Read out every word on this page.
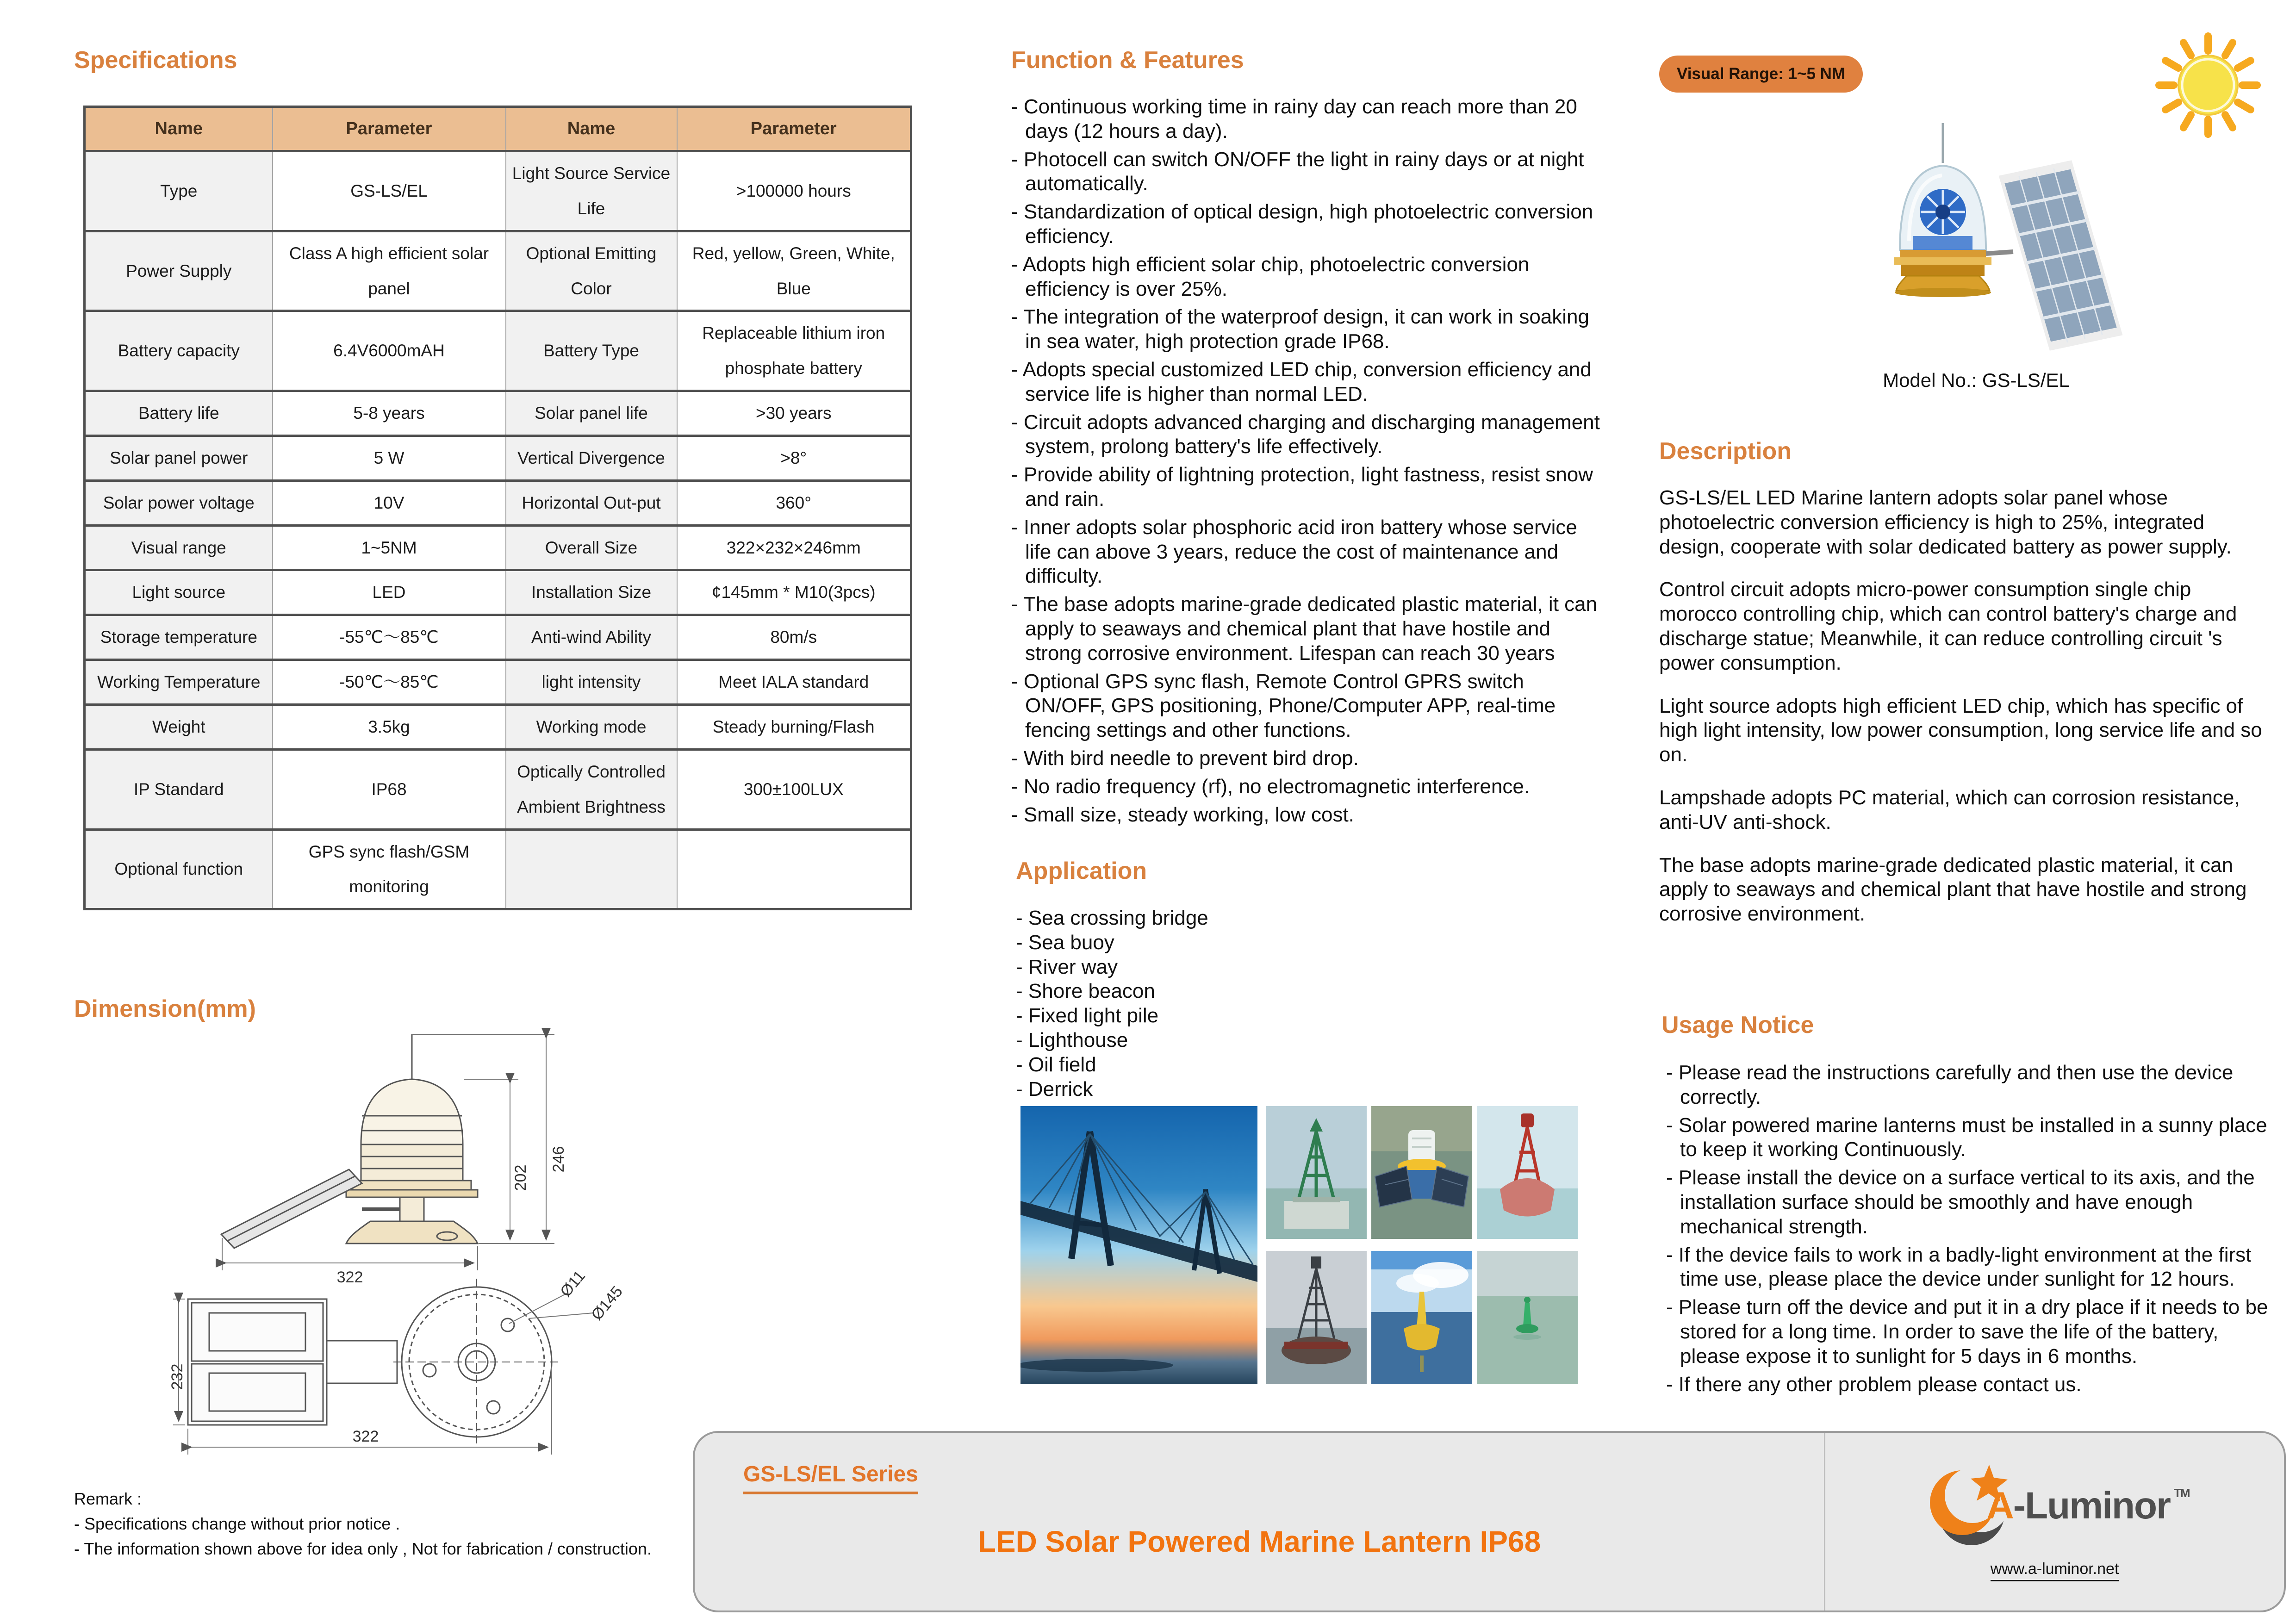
Specifications
Name	Parameter	Name	Parameter
Type	GS-LS/EL	Light Source Service Life	>100000 hours
Power Supply	Class A high efficient solar panel	Optional Emitting Color	Red, yellow, Green, White, Blue
Battery capacity	6.4V6000mAH	Battery Type	Replaceable lithium iron phosphate battery
Battery life	5-8 years	Solar panel life	>30 years
Solar panel power	5 W	Vertical Divergence	>8°
Solar power voltage	10V	Horizontal Out-put	360°
Visual range	1~5NM	Overall Size	322×232×246mm
Light source	LED	Installation Size	¢145mm * M10(3pcs)
Storage temperature	-55℃～85℃	Anti-wind Ability	80m/s
Working Temperature	-50℃～85℃	light intensity	Meet IALA standard
Weight	3.5kg	Working mode	Steady burning/Flash
IP Standard	IP68	Optically Controlled Ambient Brightness	300±100LUX
Optional function	GPS sync flash/GSM monitoring		
Dimension(mm)
246
202
322
232
Ø11
Ø145
322

Remark :

- Specifications change without prior notice .

- The information shown above for idea only , Not for fabrication / construction.

Function & Features

- Continuous working time in rainy day can reach more than 20 days (12 hours a day).

- Photocell can switch ON/OFF the light in rainy days or at night automatically.

- Standardization of optical design, high photoelectric conversion efficiency.

- Adopts high efficient solar chip, photoelectric conversion efficiency is over 25%.

- The integration of the waterproof design, it can work in soaking in sea water, high protection grade IP68.

- Adopts special customized LED chip, conversion efficiency and service life is higher than normal LED.

- Circuit adopts advanced charging and discharging management system, prolong battery's life effectively.

- Provide ability of lightning protection, light fastness, resist snow and rain.

- Inner adopts solar phosphoric acid iron battery whose service life can above 3 years, reduce the cost of maintenance and difficulty.

- The base adopts marine-grade dedicated plastic material, it can apply to seaways and chemical plant that have hostile and strong corrosive environment. Lifespan can reach 30 years

- Optional GPS sync flash, Remote Control GPRS switch ON/OFF, GPS positioning, Phone/Computer APP, real-time fencing settings and other functions.

- With bird needle to prevent bird drop.

- No radio frequency (rf), no electromagnetic interference.

- Small size, steady working, low cost.

Application

- Sea crossing bridge

- Sea buoy

- River way

- Shore beacon

- Fixed light pile

- Lighthouse

- Oil field

- Derrick

Visual Range: 1~5 NM
Model No.: GS-LS/EL
Description

GS-LS/EL LED Marine lantern adopts solar panel whose photoelectric conversion efficiency is high to 25%, integrated design, cooperate with solar dedicated battery as power supply.

Control circuit adopts micro-power consumption single chip morocco controlling chip, which can control battery's charge and discharge statue; Meanwhile, it can reduce controlling circuit 's power consumption.

Light source adopts high efficient LED chip, which has specific of high light intensity, low power consumption, long service life and so on.

Lampshade adopts PC material, which can corrosion resistance, anti-UV anti-shock.

The base adopts marine-grade dedicated plastic material, it can apply to seaways and chemical plant that have hostile and strong corrosive environment.

Usage Notice

- Please read the instructions carefully and then use the device correctly.

- Solar powered marine lanterns must be installed in a sunny place to keep it working Continuously.

- Please install the device on a surface vertical to its axis, and the installation surface should be smoothly and have enough mechanical strength.

- If the device fails to work in a badly-light environment at the first time use, please place the device under sunlight for 12 hours.

- Please turn off the device and put it in a dry place if it needs to be stored for a long time. In order to save the life of the battery, please expose it to sunlight for 5 days in 6 months.

- If there any other problem please contact us.

GS-LS/EL Series
LED Solar Powered Marine Lantern IP68
A-Luminor ™
www.a-luminor.net
